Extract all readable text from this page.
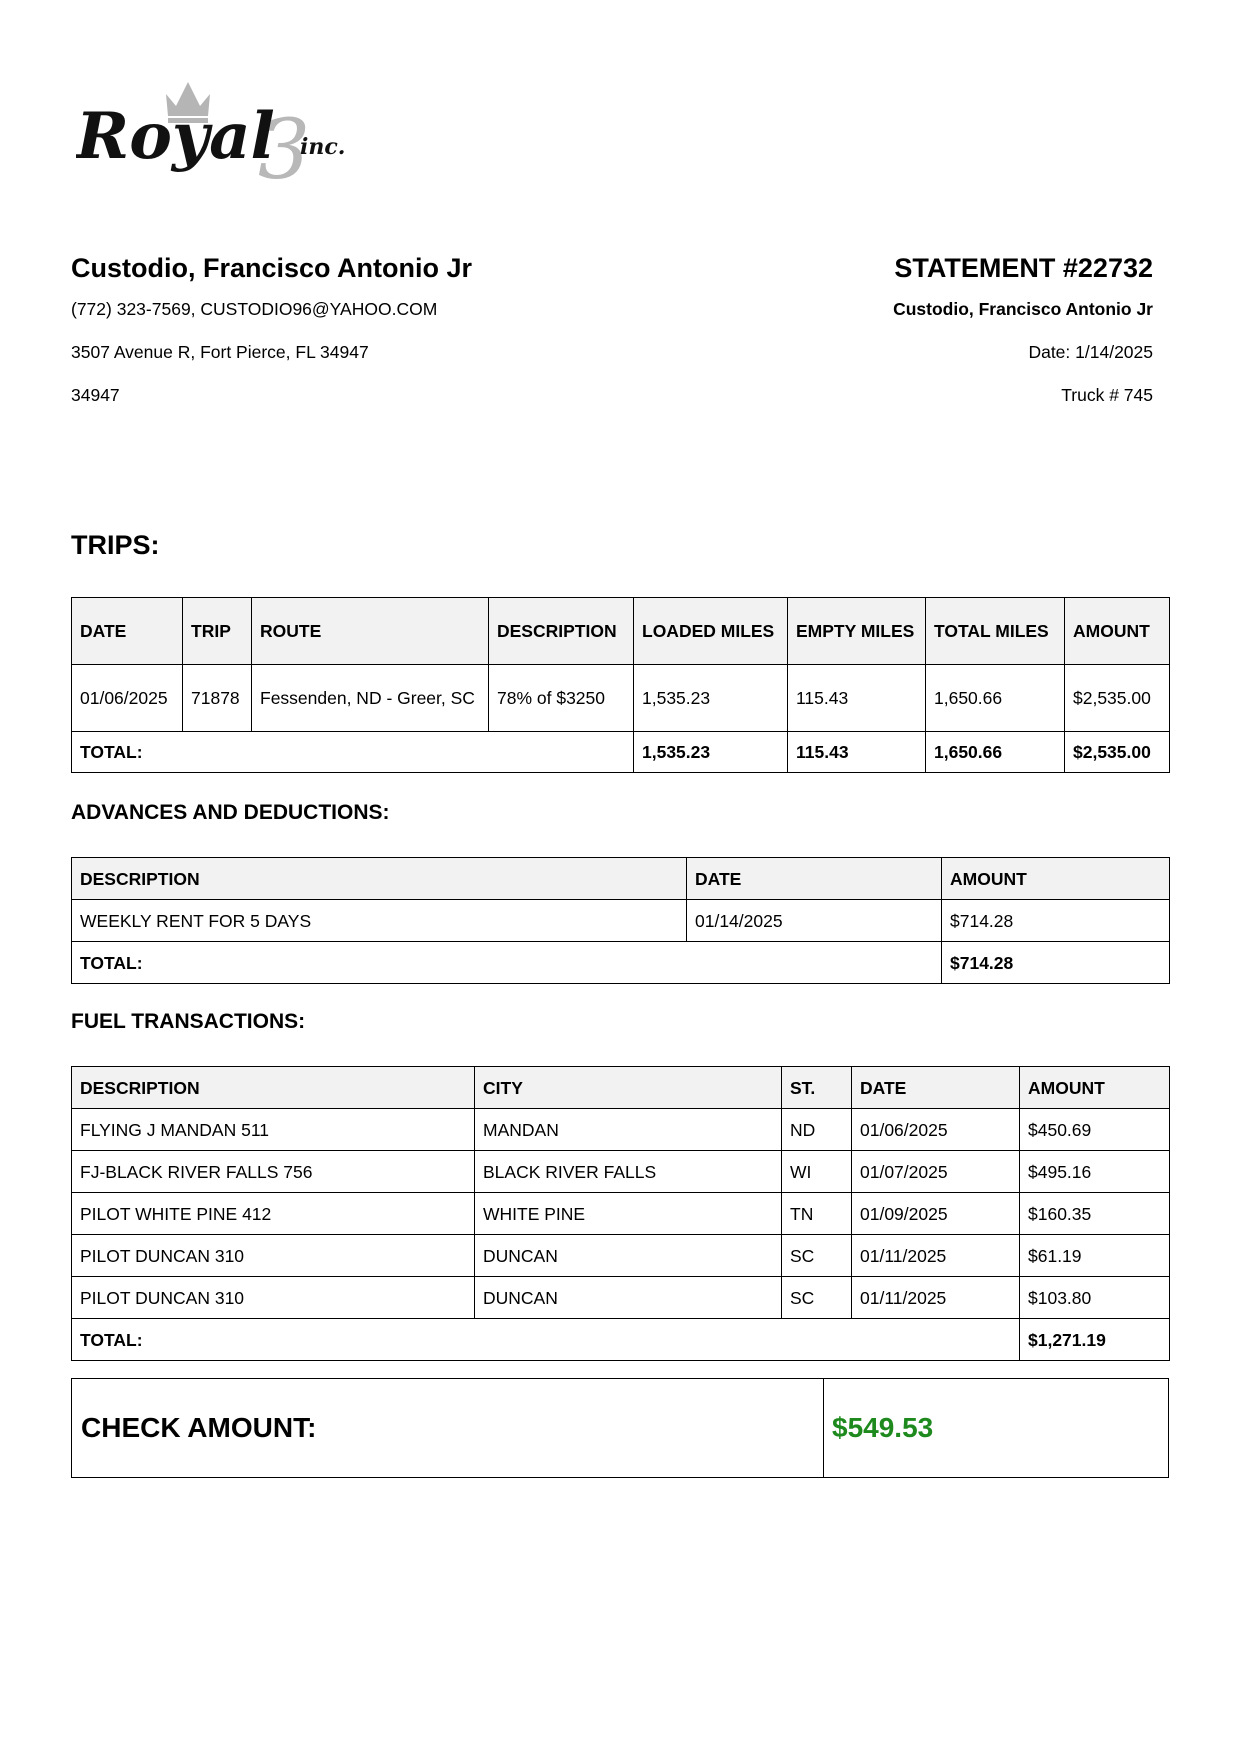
3
Royal inc.

Custodio, Francisco Antonio Jr

(772) 323-7569, CUSTODIO96@YAHOO.COM

3507 Avenue R, Fort Pierce, FL 34947

34947

STATEMENT #22732

Custodio, Francisco Antonio Jr

Date: 1/14/2025

Truck # 745

TRIPS:

DATE	TRIP	ROUTE	DESCRIPTION	LOADED MILES	EMPTY MILES	TOTAL MILES	AMOUNT
01/06/2025	71878	Fessenden, ND - Greer, SC	78% of $3250	1,535.23	115.43	1,650.66	$2,535.00
TOTAL:				1,535.23	115.43	1,650.66	$2,535.00

ADVANCES AND DEDUCTIONS:

DESCRIPTION	DATE	AMOUNT
WEEKLY RENT FOR 5 DAYS	01/14/2025	$714.28
TOTAL:		$714.28

FUEL TRANSACTIONS:

DESCRIPTION	CITY	ST.	DATE	AMOUNT
FLYING J MANDAN 511	MANDAN	ND	01/06/2025	$450.69
FJ-BLACK RIVER FALLS 756	BLACK RIVER FALLS	WI	01/07/2025	$495.16
PILOT WHITE PINE 412	WHITE PINE	TN	01/09/2025	$160.35
PILOT DUNCAN 310	DUNCAN	SC	01/11/2025	$61.19
PILOT DUNCAN 310	DUNCAN	SC	01/11/2025	$103.80
TOTAL:				$1,271.19
CHECK AMOUNT:	$549.53
